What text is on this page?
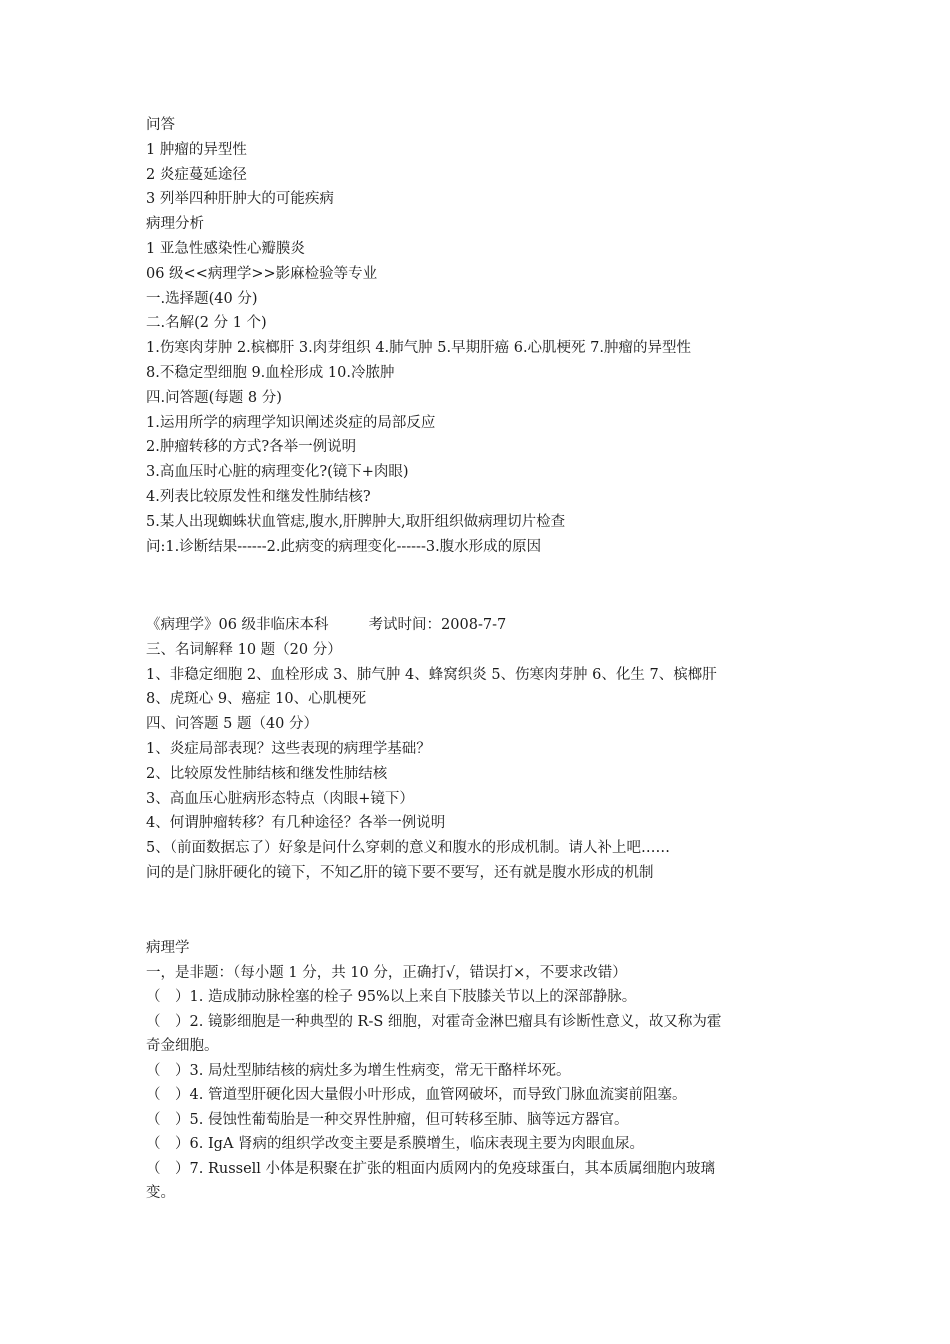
问答
1 肿瘤的异型性
2 炎症蔓延途径
3 列举四种肝肿大的可能疾病
病理分析
1 亚急性感染性心瓣膜炎
06 级<<病理学>>影麻检验等专业
一.选择题(40 分)
二.名解(2 分 1 个)
1.伤寒肉芽肿 2.槟榔肝 3.肉芽组织 4.肺气肿 5.早期肝癌 6.心肌梗死 7.肿瘤的异型性
8.不稳定型细胞 9.血栓形成 10.冷脓肿
四.问答题(每题 8 分)
1.运用所学的病理学知识阐述炎症的局部反应
2.肿瘤转移的方式?各举一例说明
3.高血压时心脏的病理变化?(镜下+肉眼)
4.列表比较原发性和继发性肺结核?
5.某人出现蜘蛛状血管痣,腹水,肝脾肿大,取肝组织做病理切片检查
问:1.诊断结果------2.此病变的病理变化------3.腹水形成的原因
《病理学》06 级非临床本科	考试时间：2008-7-7
三、名词解释 10 题（20 分）
1、非稳定细胞 2、血栓形成 3、肺气肿 4、蜂窝织炎 5、伤寒肉芽肿 6、化生 7、槟榔肝
8、虎斑心 9、癌症 10、心肌梗死
四、问答题 5 题（40 分）
1、炎症局部表现？这些表现的病理学基础？
2、比较原发性肺结核和继发性肺结核
3、高血压心脏病形态特点（肉眼+镜下）
4、何谓肿瘤转移？有几种途径？各举一例说明
5、（前面数据忘了）好象是问什么穿刺的意义和腹水的形成机制。请人补上吧……
问的是门脉肝硬化的镜下，不知乙肝的镜下要不要写，还有就是腹水形成的机制
病理学
一，是非题：（每小题 1 分，共 10 分，正确打√，错误打×，不要求改错）
（　）1. 造成肺动脉栓塞的栓子 95%以上来自下肢膝关节以上的深部静脉。
（　）2. 镜影细胞是一种典型的 R-S 细胞，对霍奇金淋巴瘤具有诊断性意义，故又称为霍
奇金细胞。
（　）3. 局灶型肺结核的病灶多为增生性病变，常无干酪样坏死。
（　）4. 管道型肝硬化因大量假小叶形成，血管网破坏，而导致门脉血流窦前阻塞。
（　）5. 侵蚀性葡萄胎是一种交界性肿瘤，但可转移至肺、脑等远方器官。
（　）6. IgA 肾病的组织学改变主要是系膜增生，临床表现主要为肉眼血尿。
（　）7. Russell 小体是积聚在扩张的粗面内质网内的免疫球蛋白，其本质属细胞内玻璃
变。
